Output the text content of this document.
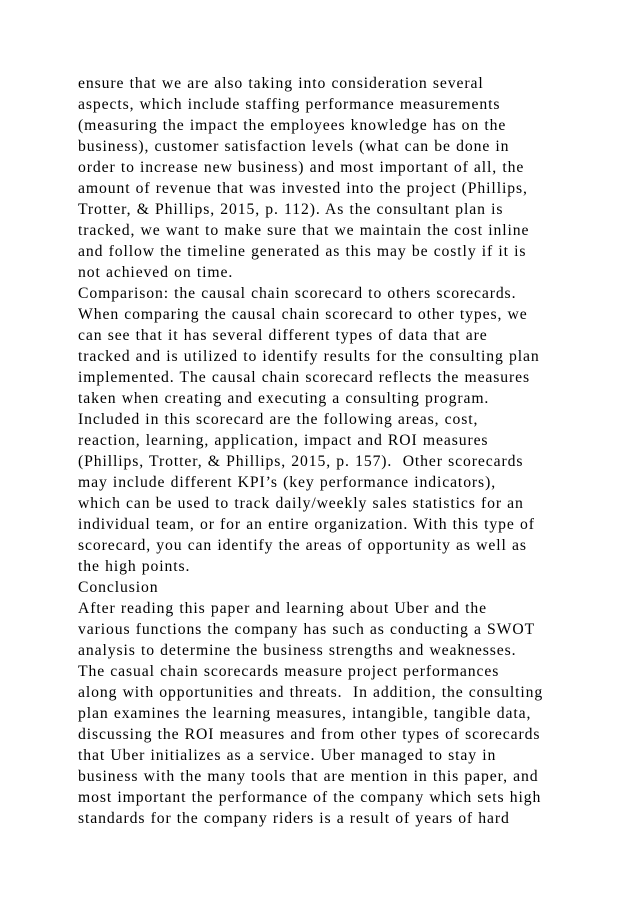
ensure that we are also taking into consideration several
aspects, which include staffing performance measurements
(measuring the impact the employees knowledge has on the
business), customer satisfaction levels (what can be done in
order to increase new business) and most important of all, the
amount of revenue that was invested into the project (Phillips,
Trotter, & Phillips, 2015, p. 112). As the consultant plan is
tracked, we want to make sure that we maintain the cost inline
and follow the timeline generated as this may be costly if it is
not achieved on time.
Comparison: the causal chain scorecard to others scorecards.
When comparing the causal chain scorecard to other types, we
can see that it has several different types of data that are
tracked and is utilized to identify results for the consulting plan
implemented. The causal chain scorecard reflects the measures
taken when creating and executing a consulting program.
Included in this scorecard are the following areas, cost,
reaction, learning, application, impact and ROI measures
(Phillips, Trotter, & Phillips, 2015, p. 157).  Other scorecards
may include different KPI’s (key performance indicators),
which can be used to track daily/weekly sales statistics for an
individual team, or for an entire organization. With this type of
scorecard, you can identify the areas of opportunity as well as
the high points.
Conclusion
After reading this paper and learning about Uber and the
various functions the company has such as conducting a SWOT
analysis to determine the business strengths and weaknesses.
The casual chain scorecards measure project performances
along with opportunities and threats.  In addition, the consulting
plan examines the learning measures, intangible, tangible data,
discussing the ROI measures and from other types of scorecards
that Uber initializes as a service. Uber managed to stay in
business with the many tools that are mention in this paper, and
most important the performance of the company which sets high
standards for the company riders is a result of years of hard
